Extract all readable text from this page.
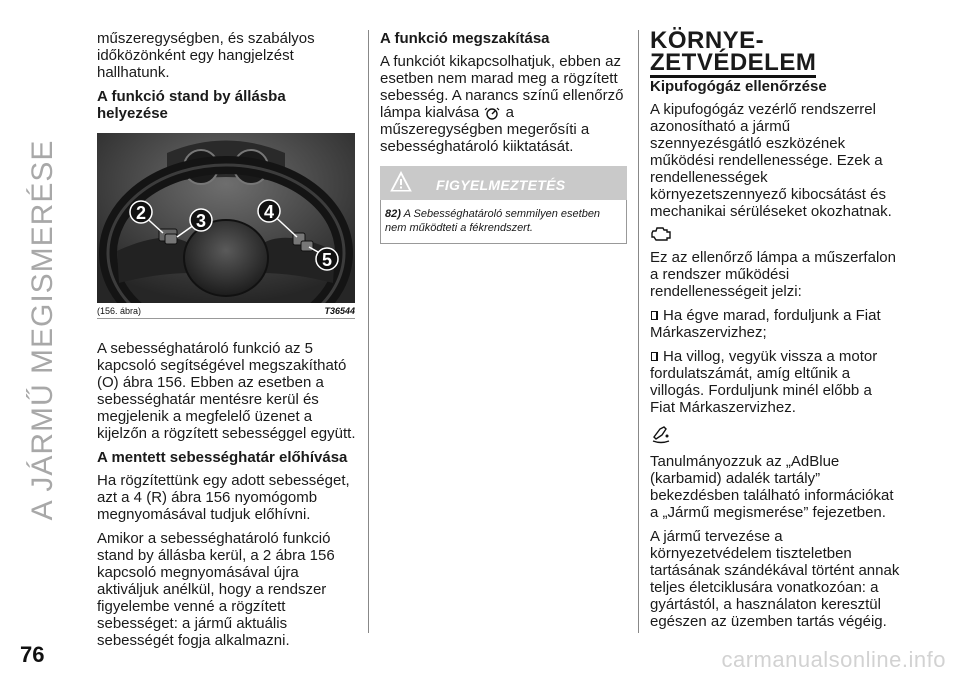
A JÁRMŰ MEGISMERÉSE

műszeregységben, és szabályos időközönként egy hangjelzést hallhatunk.

A funkció stand by állásba helyezése
2	3	4
5
(156. ábra)	T36544

A sebességhatároló funkció az 5 kapcsoló segítségével megszakítható (O) ábra 156. Ebben az esetben a sebességhatár mentésre kerül és megjelenik a megfelelő üzenet a kijelzőn a rögzített sebességgel együtt.

A mentett sebességhatár előhívása

Ha rögzítettünk egy adott sebességet, azt a 4 (R) ábra 156 nyomógomb megnyomásával tudjuk előhívni.

Amikor a sebességhatároló funkció stand by állásba kerül, a 2 ábra 156 kapcsoló megnyomásával újra aktiváljuk anélkül, hogy a rendszer figyelembe venné a rögzített sebességet: a jármű aktuális sebességét fogja alkalmazni.

A funkció megszakítása

A funkciót kikapcsolhatjuk, ebben az esetben nem marad meg a rögzített sebesség. A narancs színű ellenőrző lámpa kialvása a műszeregységben megerősíti a sebességhatároló kiiktatását.

FIGYELMEZTETÉS
82) A Sebességhatároló semmilyen esetben nem működteti a fékrendszert.
KÖRNYE-
ZETVÉDELEM
Kipufogógáz ellenőrzése

A kipufogógáz vezérlő rendszerrel azonosítható a jármű szennyezésgátló eszközének működési rendellenessége. Ezek a rendellenességek környezetszennyező kibocsátást és mechanikai sérüléseket okozhatnak.

Ez az ellenőrző lámpa a műszerfalon a rendszer működési rendellenességeit jelzi:

Ha égve marad, forduljunk a Fiat Márkaszervizhez;

Ha villog, vegyük vissza a motor fordulatszámát, amíg eltűnik a villogás. Forduljunk minél előbb a Fiat Márkaszervizhez.

Tanulmányozzuk az „AdBlue (karbamid) adalék tartály” bekezdésben található információkat a „Jármű megismerése” fejezetben.

A jármű tervezése a környezetvédelem tiszteletben tartásának szándékával történt annak teljes életciklusára vonatkozóan: a gyártástól, a használaton keresztül egészen az üzemben tartás végéig.

76	carmanualsonline.info
